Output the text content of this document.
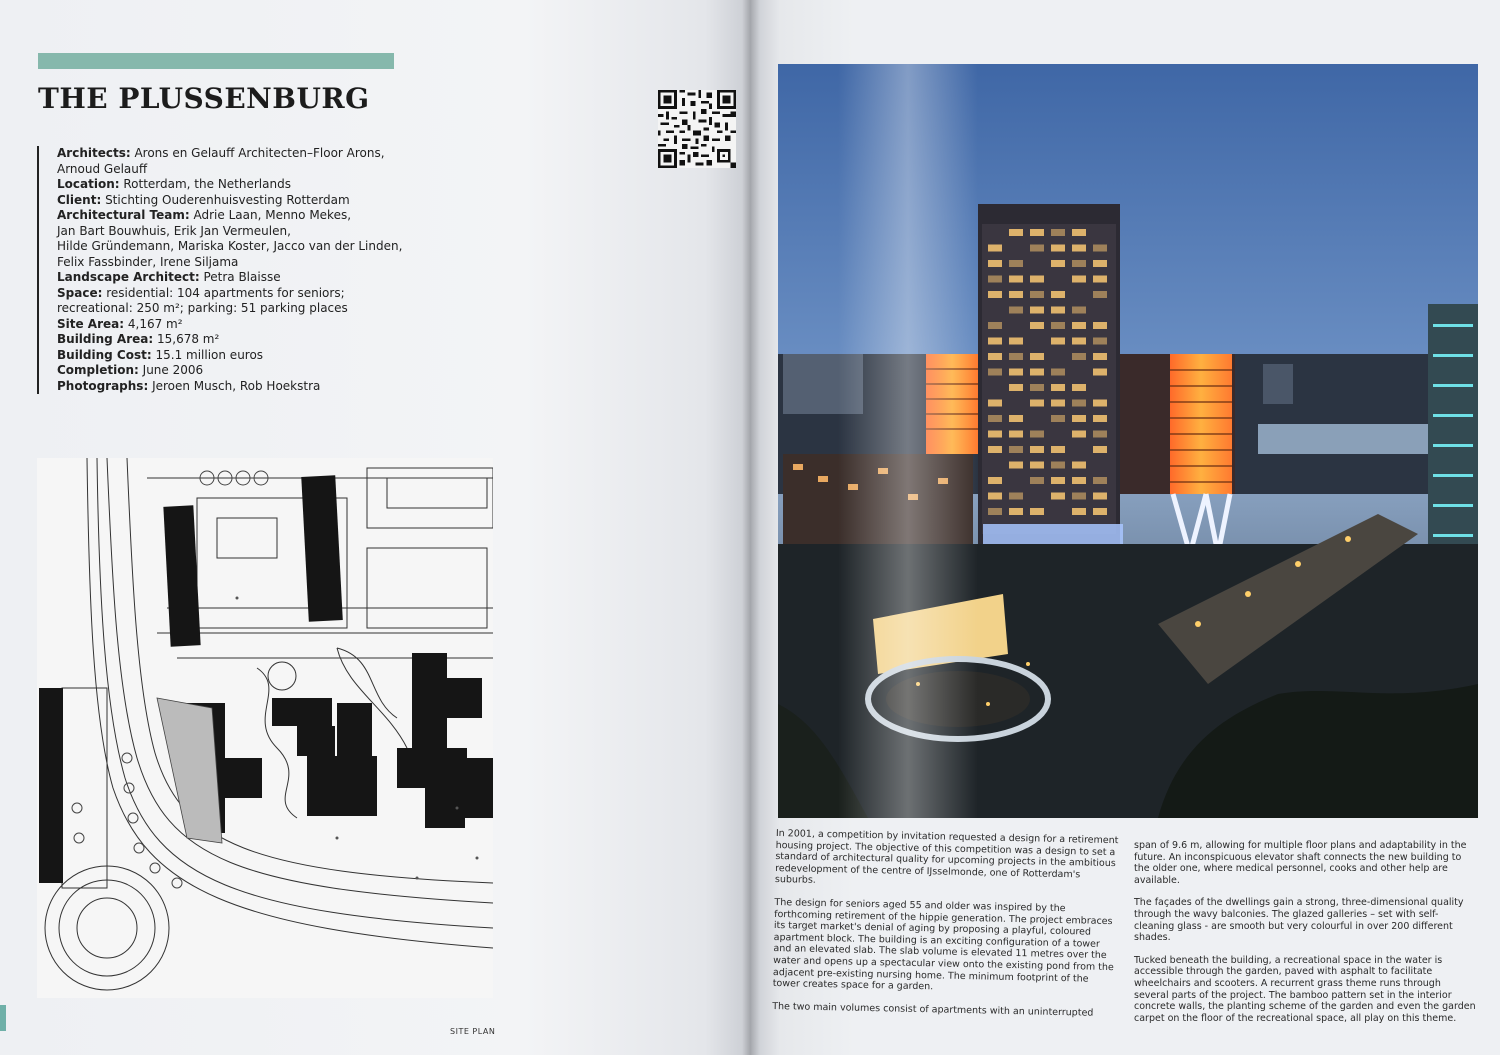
THE PLUSSENBURG
Architects: Arons en Gelauff Architecten–Floor Arons,
Arnoud Gelauff
Location: Rotterdam, the Netherlands
Client: Stichting Ouderenhuisvesting Rotterdam
Architectural Team: Adrie Laan, Menno Mekes,
Jan Bart Bouwhuis, Erik Jan Vermeulen,
Hilde Gründemann, Mariska Koster, Jacco van der Linden,
Felix Fassbinder, Irene Siljama
Landscape Architect: Petra Blaisse
Space: residential: 104 apartments for seniors;
recreational: 250 m²; parking: 51 parking places
Site Area: 4,167 m²
Building Area: 15,678 m²
Building Cost: 15.1 million euros
Completion: June 2006
Photographs: Jeroen Musch, Rob Hoekstra
SITE PLAN

In 2001, a competition by invitation requested a design for a retirement housing project. The objective of this competition was a design to set a standard of architectural quality for upcoming projects in the ambitious redevelopment of the centre of IJsselmonde, one of Rotterdam's suburbs.

The design for seniors aged 55 and older was inspired by the forthcoming retirement of the hippie generation. The project embraces its target market's denial of aging by proposing a playful, coloured apartment block. The building is an exciting configuration of a tower and an elevated slab. The slab volume is elevated 11 metres over the water and opens up a spectacular view onto the existing pond from the adjacent pre-existing nursing home. The minimum footprint of the tower creates space for a garden.

The two main volumes consist of apartments with an uninterrupted

span of 9.6 m, allowing for multiple floor plans and adaptability in the future. An inconspicuous elevator shaft connects the new building to the older one, where medical personnel, cooks and other help are available.

The façades of the dwellings gain a strong, three-dimensional quality through the wavy balconies. The glazed galleries – set with self-cleaning glass - are smooth but very colourful in over 200 different shades.

Tucked beneath the building, a recreational space in the water is accessible through the garden, paved with asphalt to facilitate wheelchairs and scooters. A recurrent grass theme runs through several parts of the project. The bamboo pattern set in the interior concrete walls, the planting scheme of the garden and even the garden carpet on the floor of the recreational space, all play on this theme.
